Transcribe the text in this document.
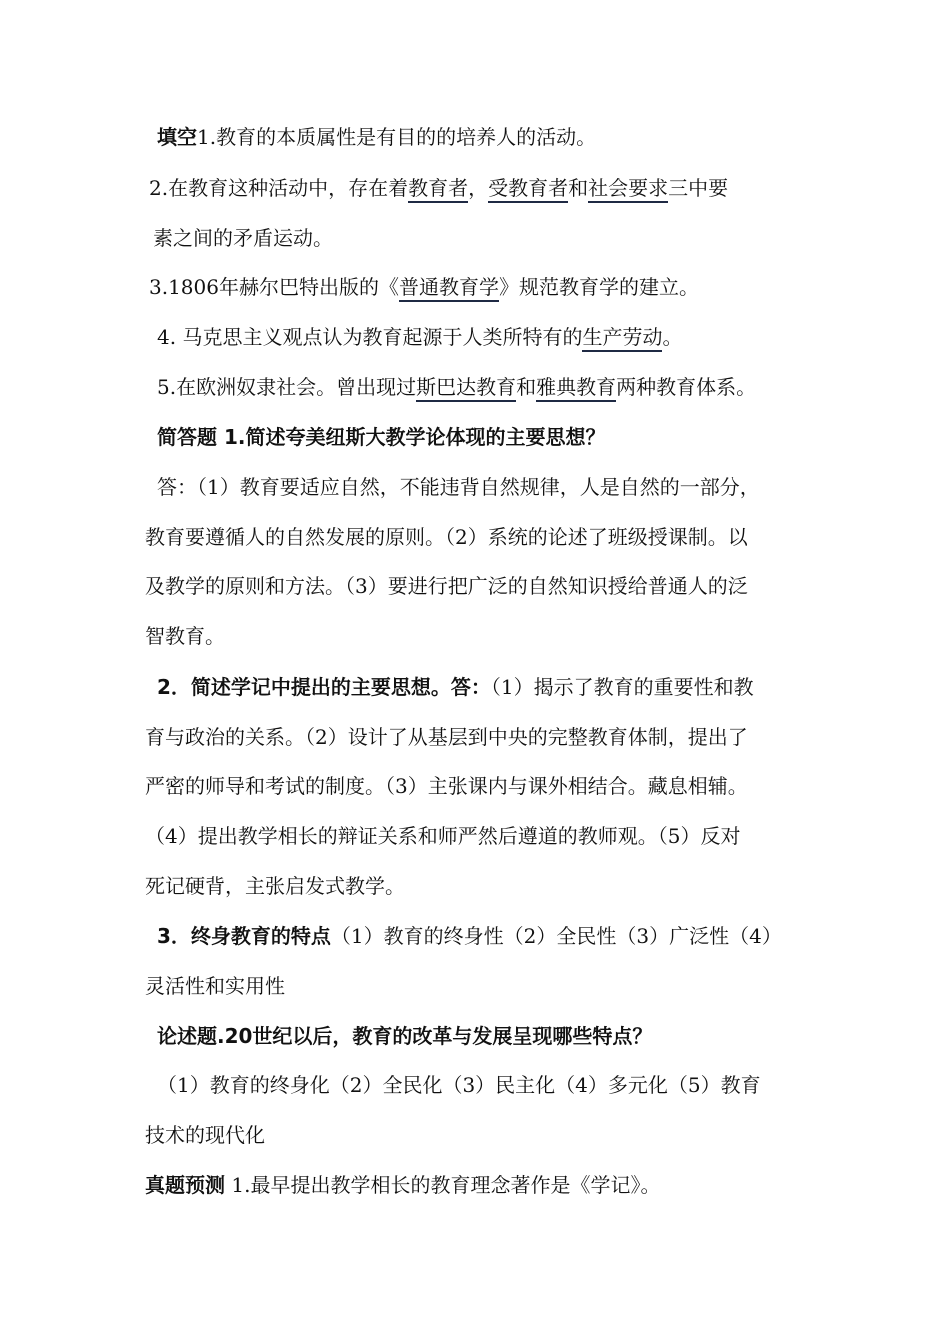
填空1.教育的本质属性是有目的的培养人的活动。
2.在教育这种活动中，存在着教育者，受教育者和社会要求三中要
素之间的矛盾运动。
3.1806年赫尔巴特出版的《普通教育学》规范教育学的建立。
4. 马克思主义观点认为教育起源于人类所特有的生产劳动。
5.在欧洲奴隶社会。曾出现过斯巴达教育和雅典教育两种教育体系。
简答题 1.简述夸美纽斯大教学论体现的主要思想？
答：（1）教育要适应自然，不能违背自然规律，人是自然的一部分，
教育要遵循人的自然发展的原则。（2）系统的论述了班级授课制。以
及教学的原则和方法。（3）要进行把广泛的自然知识授给普通人的泛
智教育。
2．简述学记中提出的主要思想。答：（1）揭示了教育的重要性和教
育与政治的关系。（2）设计了从基层到中央的完整教育体制，提出了
严密的师导和考试的制度。（3）主张课内与课外相结合。藏息相辅。
（4）提出教学相长的辩证关系和师严然后遵道的教师观。（5）反对
死记硬背，主张启发式教学。
3．终身教育的特点（1）教育的终身性（2）全民性（3）广泛性（4）
灵活性和实用性
论述题.20世纪以后，教育的改革与发展呈现哪些特点？
（1）教育的终身化（2）全民化（3）民主化（4）多元化（5）教育
技术的现代化
真题预测 1.最早提出教学相长的教育理念著作是《学记》。
